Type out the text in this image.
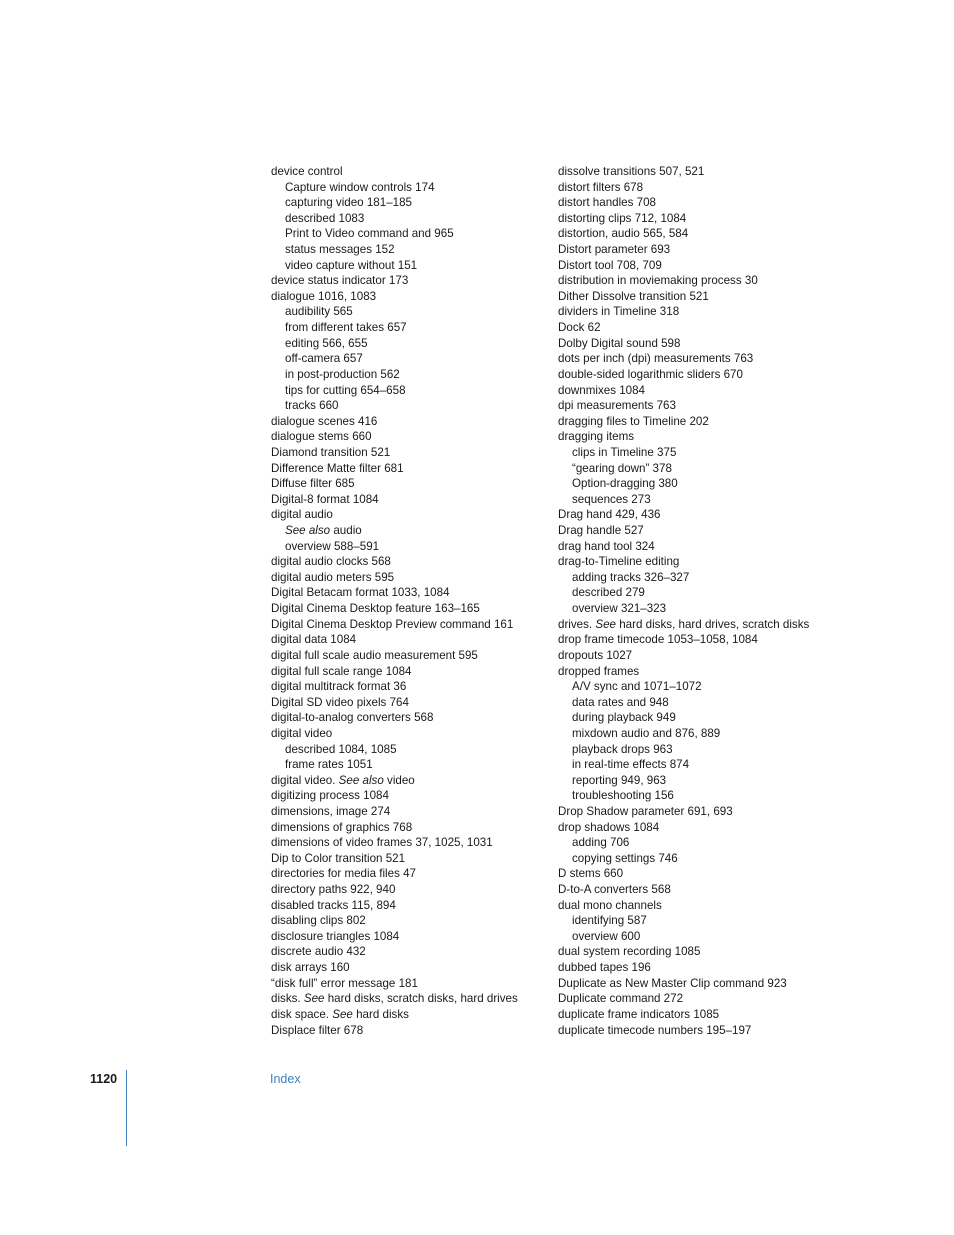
device control
Capture window controls 174
capturing video 181–185
described 1083
Print to Video command and 965
status messages 152
video capture without 151
device status indicator 173
dialogue 1016, 1083
audibility 565
from different takes 657
editing 566, 655
off-camera 657
in post-production 562
tips for cutting 654–658
tracks 660
dialogue scenes 416
dialogue stems 660
Diamond transition 521
Difference Matte filter 681
Diffuse filter 685
Digital-8 format 1084
digital audio
See also audio
overview 588–591
digital audio clocks 568
digital audio meters 595
Digital Betacam format 1033, 1084
Digital Cinema Desktop feature 163–165
Digital Cinema Desktop Preview command 161
digital data 1084
digital full scale audio measurement 595
digital full scale range 1084
digital multitrack format 36
Digital SD video pixels 764
digital-to-analog converters 568
digital video
described 1084, 1085
frame rates 1051
digital video. See also video
digitizing process 1084
dimensions, image 274
dimensions of graphics 768
dimensions of video frames 37, 1025, 1031
Dip to Color transition 521
directories for media files 47
directory paths 922, 940
disabled tracks 115, 894
disabling clips 802
disclosure triangles 1084
discrete audio 432
disk arrays 160
“disk full” error message 181
disks. See hard disks, scratch disks, hard drives
disk space. See hard disks
Displace filter 678
dissolve transitions 507, 521
distort filters 678
distort handles 708
distorting clips 712, 1084
distortion, audio 565, 584
Distort parameter 693
Distort tool 708, 709
distribution in moviemaking process 30
Dither Dissolve transition 521
dividers in Timeline 318
Dock 62
Dolby Digital sound 598
dots per inch (dpi) measurements 763
double-sided logarithmic sliders 670
downmixes 1084
dpi measurements 763
dragging files to Timeline 202
dragging items
clips in Timeline 375
“gearing down” 378
Option-dragging 380
sequences 273
Drag hand 429, 436
Drag handle 527
drag hand tool 324
drag-to-Timeline editing
adding tracks 326–327
described 279
overview 321–323
drives. See hard disks, hard drives, scratch disks
drop frame timecode 1053–1058, 1084
dropouts 1027
dropped frames
A/V sync and 1071–1072
data rates and 948
during playback 949
mixdown audio and 876, 889
playback drops 963
in real-time effects 874
reporting 949, 963
troubleshooting 156
Drop Shadow parameter 691, 693
drop shadows 1084
adding 706
copying settings 746
D stems 660
D-to-A converters 568
dual mono channels
identifying 587
overview 600
dual system recording 1085
dubbed tapes 196
Duplicate as New Master Clip command 923
Duplicate command 272
duplicate frame indicators 1085
duplicate timecode numbers 195–197
1120	Index
